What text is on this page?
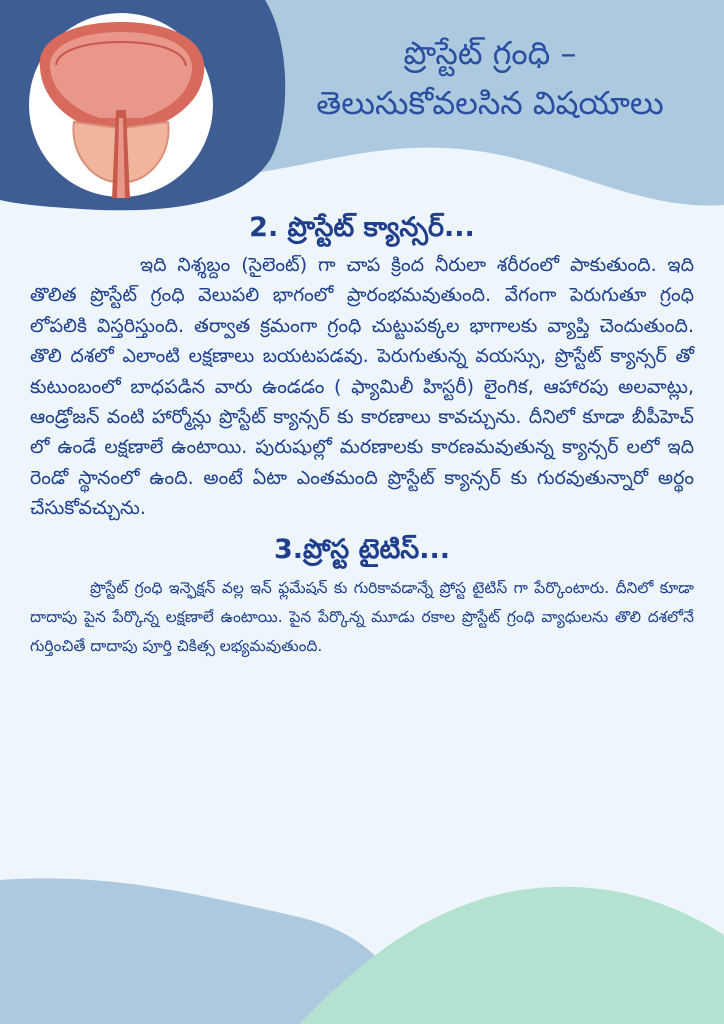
ప్రొస్టేట్ గ్రంధి –
తెలుసుకోవలసిన విషయాలు
2. ప్రొస్టేట్ క్యాన్సర్...

ఇది నిశ్శబ్దం (సైలెంట్) గా చాప క్రింద నీరులా శరీరంలో పాకుతుంది. ఇది తొలిత ప్రొస్టేట్ గ్రంధి వెలుపలి భాగంలో ప్రారంభమవుతుంది. వేగంగా పెరుగుతూ గ్రంధి లోపలికి విస్తరిస్తుంది. తర్వాత క్రమంగా గ్రంధి చుట్టుపక్కల భాగాలకు వ్యాప్తి చెందుతుంది. తొలి దశలో ఎలాంటి లక్షణాలు బయటపడవు. పెరుగుతున్న వయస్సు, ప్రొస్టేట్ క్యాన్సర్ తో కుటుంబంలో బాధపడిన వారు ఉండడం ( ఫ్యామిలీ హిస్టరీ) లైంగిక, ఆహారపు అలవాట్లు, ఆండ్రోజన్ వంటి హార్మోన్లు ప్రొస్టేట్ క్యాన్సర్ కు కారణాలు కావచ్చును. దీనిలో కూడా బీపీహెచ్ లో ఉండే లక్షణాలే ఉంటాయి. పురుషుల్లో మరణాలకు కారణమవుతున్న క్యాన్సర్ లలో ఇది రెండో స్థానంలో ఉంది. అంటే ఏటా ఎంతమంది ప్రొస్టేట్ క్యాన్సర్ కు గురవుతున్నారో అర్థం చేసుకోవచ్చును.

3.ప్రోస్ట టైటిస్...

ప్రొస్టేట్ గ్రంధి ఇన్ఫెక్షన్ వల్ల ఇన్ ఫ్లమేషన్ కు గురికావడాన్నే ప్రోస్ట టైటిస్ గా పేర్కొంటారు. దీనిలో కూడా దాదాపు పైన పేర్కొన్న లక్షణాలే ఉంటాయి. పైన పేర్కొన్న మూడు రకాల ప్రొస్టేట్ గ్రంధి వ్యాధులను తొలి దశలోనే గుర్తించితే దాదాపు పూర్తి చికిత్స లభ్యమవుతుంది.
